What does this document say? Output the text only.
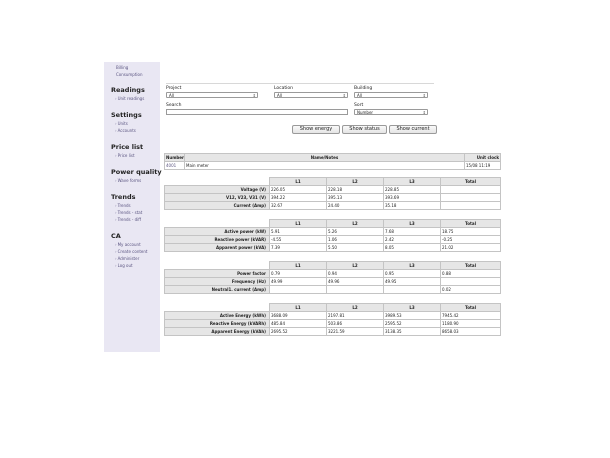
Billing
Consumption
Readings
› Unit readings
Settings
› Units
› Accounts
Price list
› Price list
Power quality
› Wave forms
Trends
› Trends
› Trends - stat
› Trends - diff
CA
› My account
› Create content
› Administer
› Log out
Project
All	⇕
Location
All	⇕
Building
All	⇕
Search	Sort
Number	⇕
Show energy	Show status	Show current
Number	Name/Notes	Unit clock
4001	Main meter	15/08 11:19
	L1	L2	L3	Total
Voltage (V)	226.05	228.18	228.85	
V12, V23, V31 (V)	394.22	395.13	393.69	
Current (Amp)	32.67	24.40	35.18	
	L1	L2	L3	Total
Active power (kW)	5.91	5.26	7.68	18.75
Reactive power (kVAR)	-4.55	1.06	2.42	-0.25
Apparent power (kVA)	7.39	5.50	8.05	21.02
	L1	L2	L3	Total
Power factor	0.79	0.94	0.95	0.88
Frequency (Hz)	49.99	49.96	49.95	
Neutral1. current (Amp)				0.02
	L1	L2	L3	Total
Active Energy (kWh)	3688.09	2197.81	3989.53	7945.42
Reactive Energy (kVARh)	485.84	503.86	2595.52	1180.90
Apparent Energy (kVAh)	2695.52	3221.59	3138.35	8658.03
